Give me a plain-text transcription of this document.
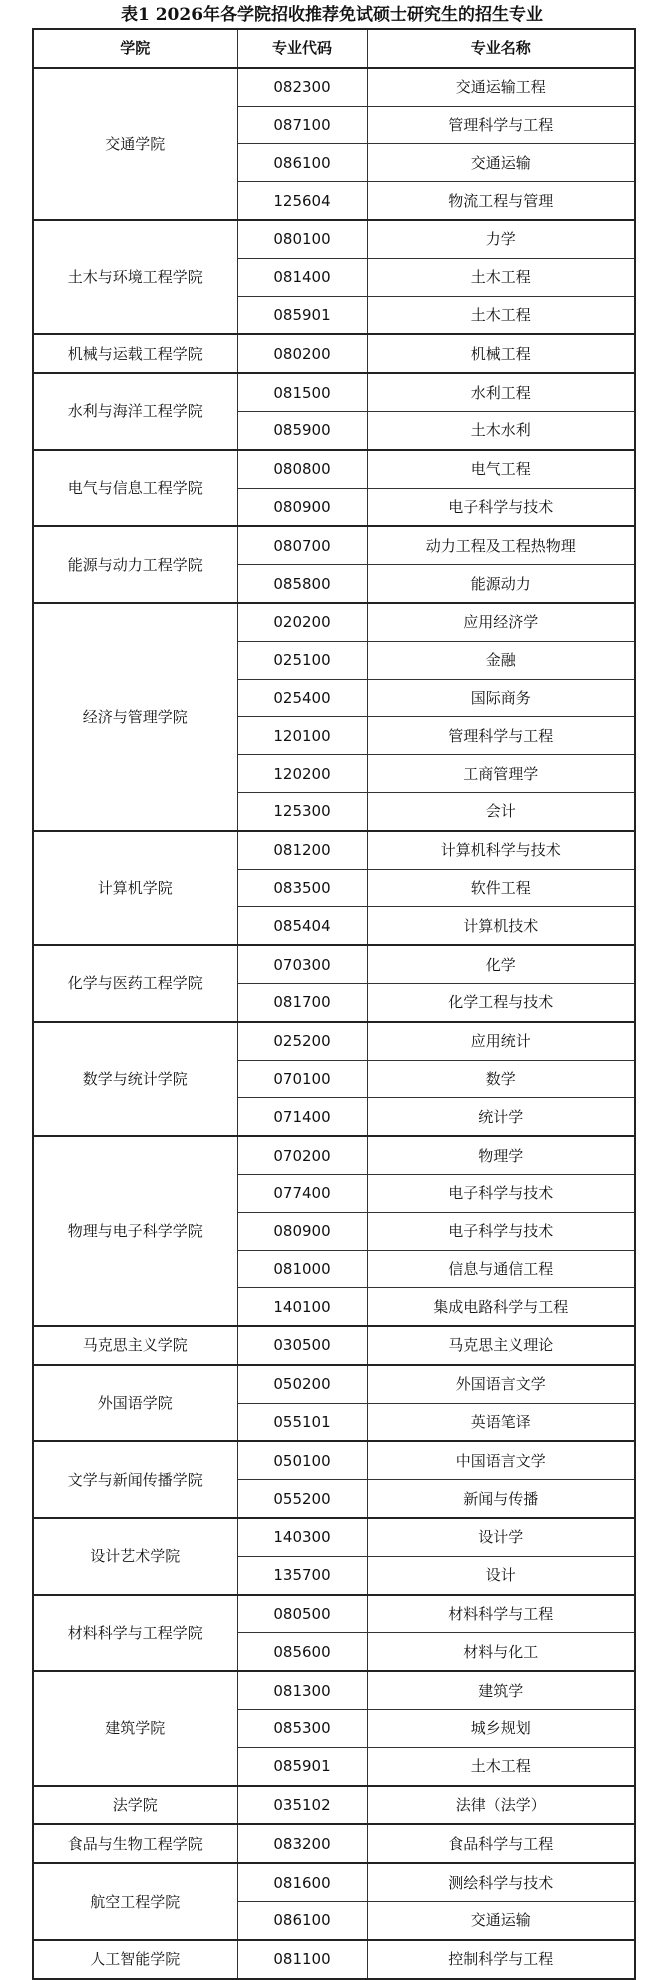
表1 2026年各学院招收推荐免试硕士研究生的招生专业
学院	专业代码	专业名称
交通学院	082300	交通运输工程
	087100	管理科学与工程
	086100	交通运输
	125604	物流工程与管理
土木与环境工程学院	080100	力学
	081400	土木工程
	085901	土木工程
机械与运载工程学院	080200	机械工程
水利与海洋工程学院	081500	水利工程
	085900	土木水利
电气与信息工程学院	080800	电气工程
	080900	电子科学与技术
能源与动力工程学院	080700	动力工程及工程热物理
	085800	能源动力
经济与管理学院	020200	应用经济学
	025100	金融
	025400	国际商务
	120100	管理科学与工程
	120200	工商管理学
	125300	会计
计算机学院	081200	计算机科学与技术
	083500	软件工程
	085404	计算机技术
化学与医药工程学院	070300	化学
	081700	化学工程与技术
数学与统计学院	025200	应用统计
	070100	数学
	071400	统计学
物理与电子科学学院	070200	物理学
	077400	电子科学与技术
	080900	电子科学与技术
	081000	信息与通信工程
	140100	集成电路科学与工程
马克思主义学院	030500	马克思主义理论
外国语学院	050200	外国语言文学
	055101	英语笔译
文学与新闻传播学院	050100	中国语言文学
	055200	新闻与传播
设计艺术学院	140300	设计学
	135700	设计
材料科学与工程学院	080500	材料科学与工程
	085600	材料与化工
建筑学院	081300	建筑学
	085300	城乡规划
	085901	土木工程
法学院	035102	法律（法学）
食品与生物工程学院	083200	食品科学与工程
航空工程学院	081600	测绘科学与技术
	086100	交通运输
人工智能学院	081100	控制科学与工程
